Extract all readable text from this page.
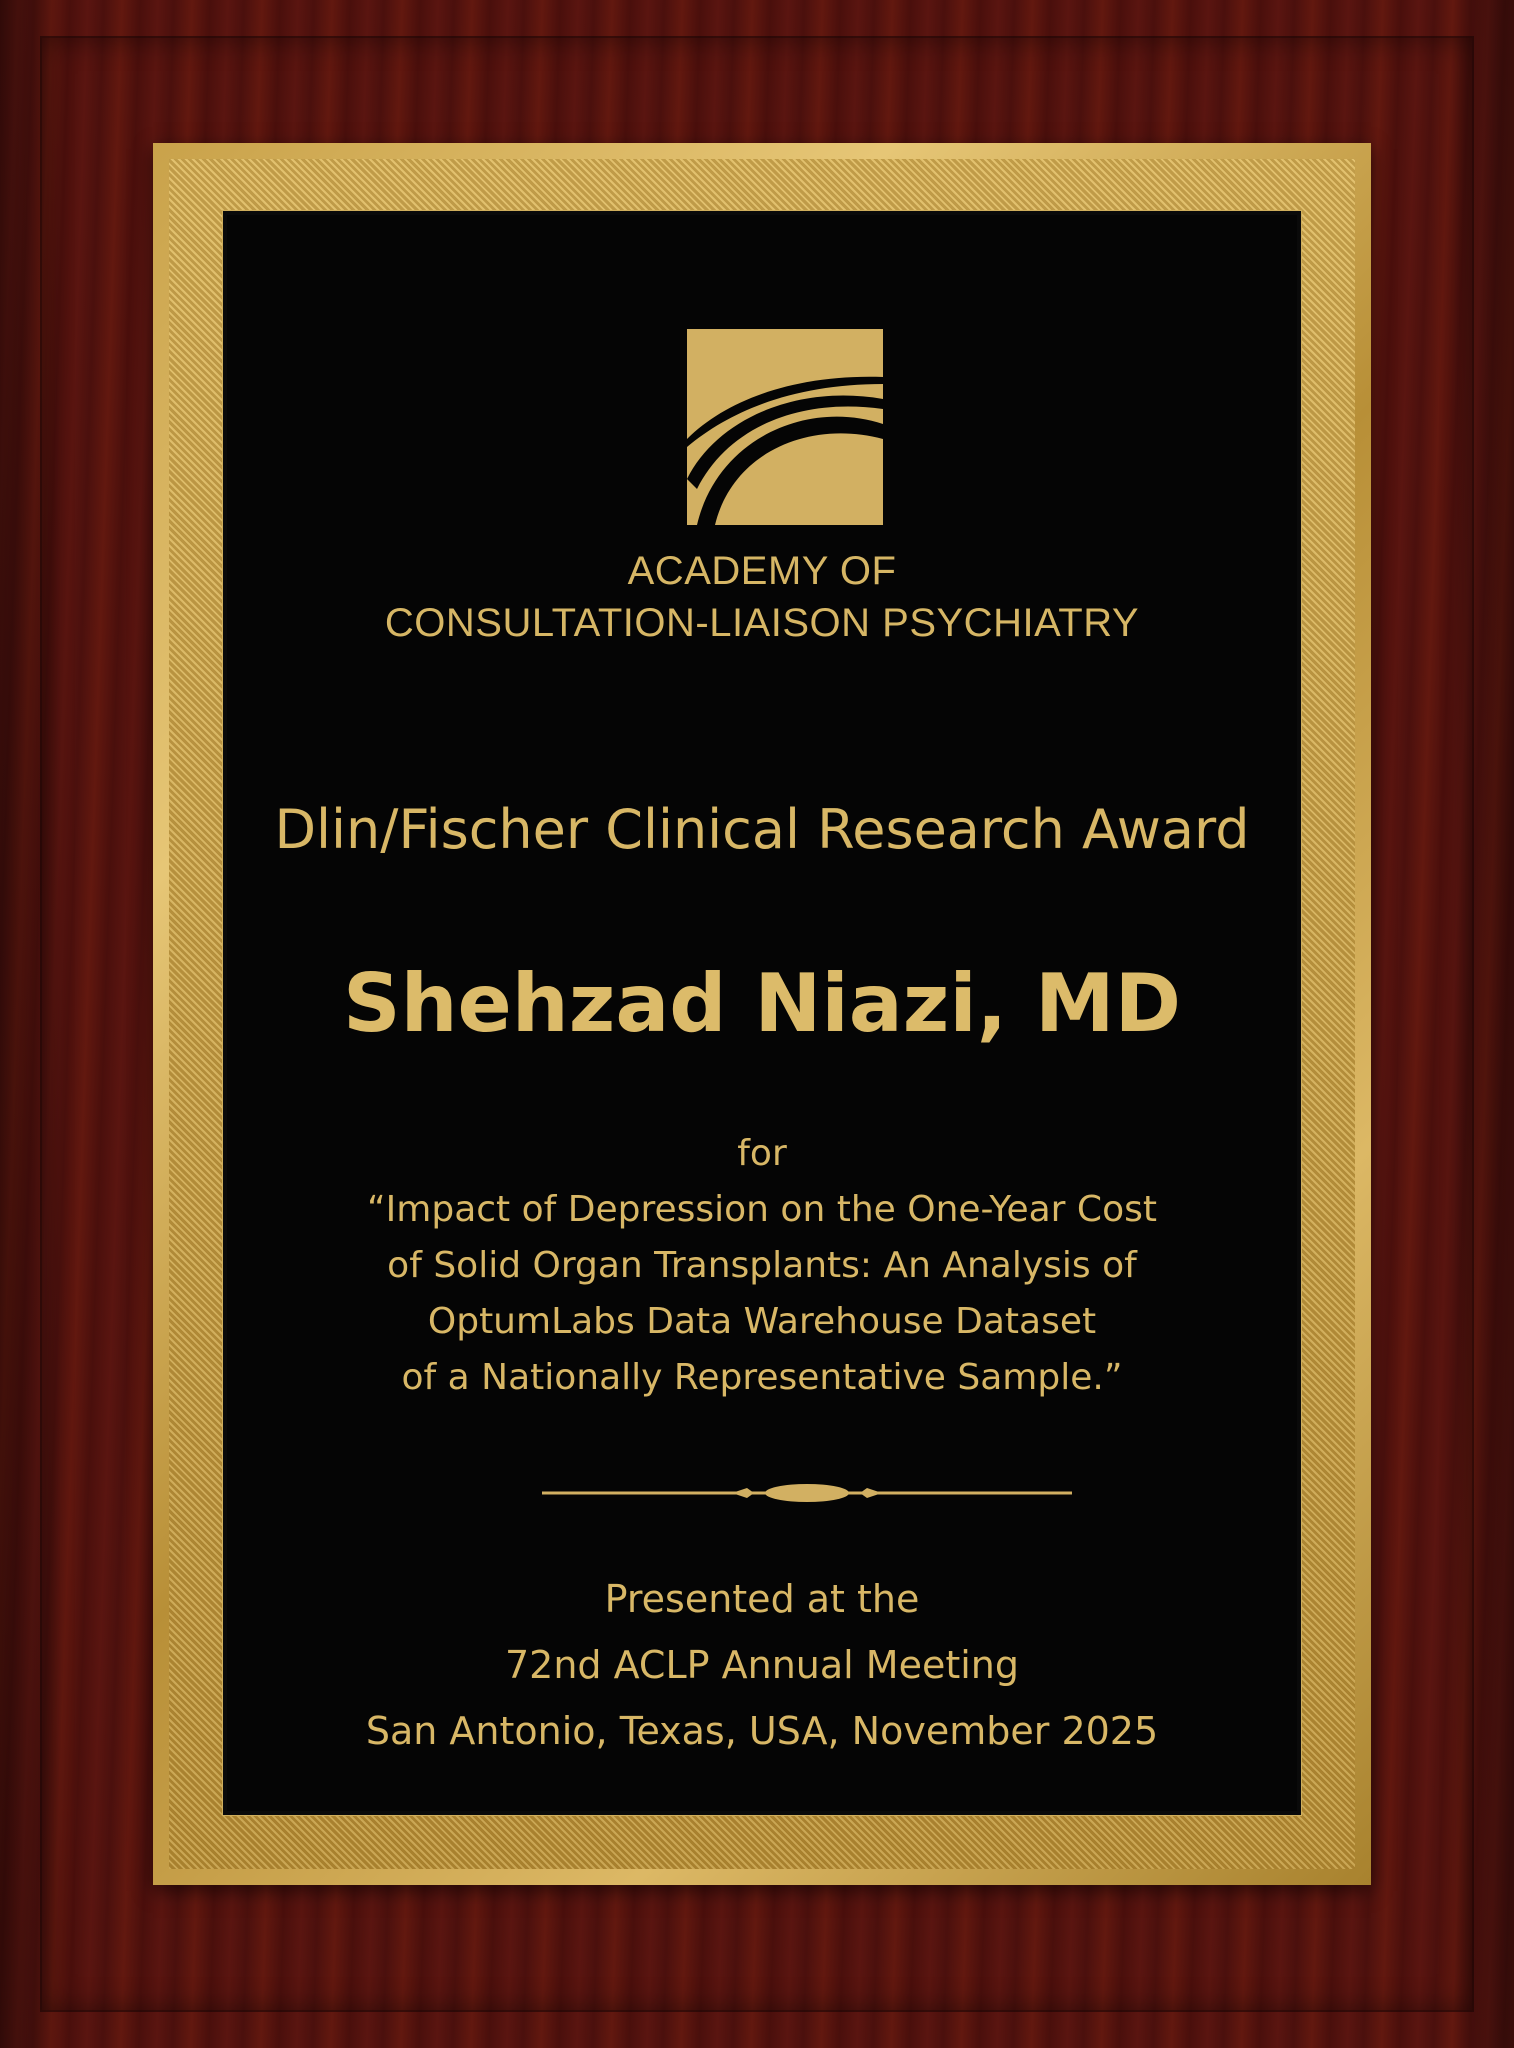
ACADEMY OF
CONSULTATION-LIAISON PSYCHIATRY
Dlin/Fischer Clinical Research Award
Shehzad Niazi, MD
for
“Impact of Depression on the One-Year Cost
of Solid Organ Transplants: An Analysis of
OptumLabs Data Warehouse Dataset
of a Nationally Representative Sample.”
Presented at the
72nd ACLP Annual Meeting
San Antonio, Texas, USA, November 2025
